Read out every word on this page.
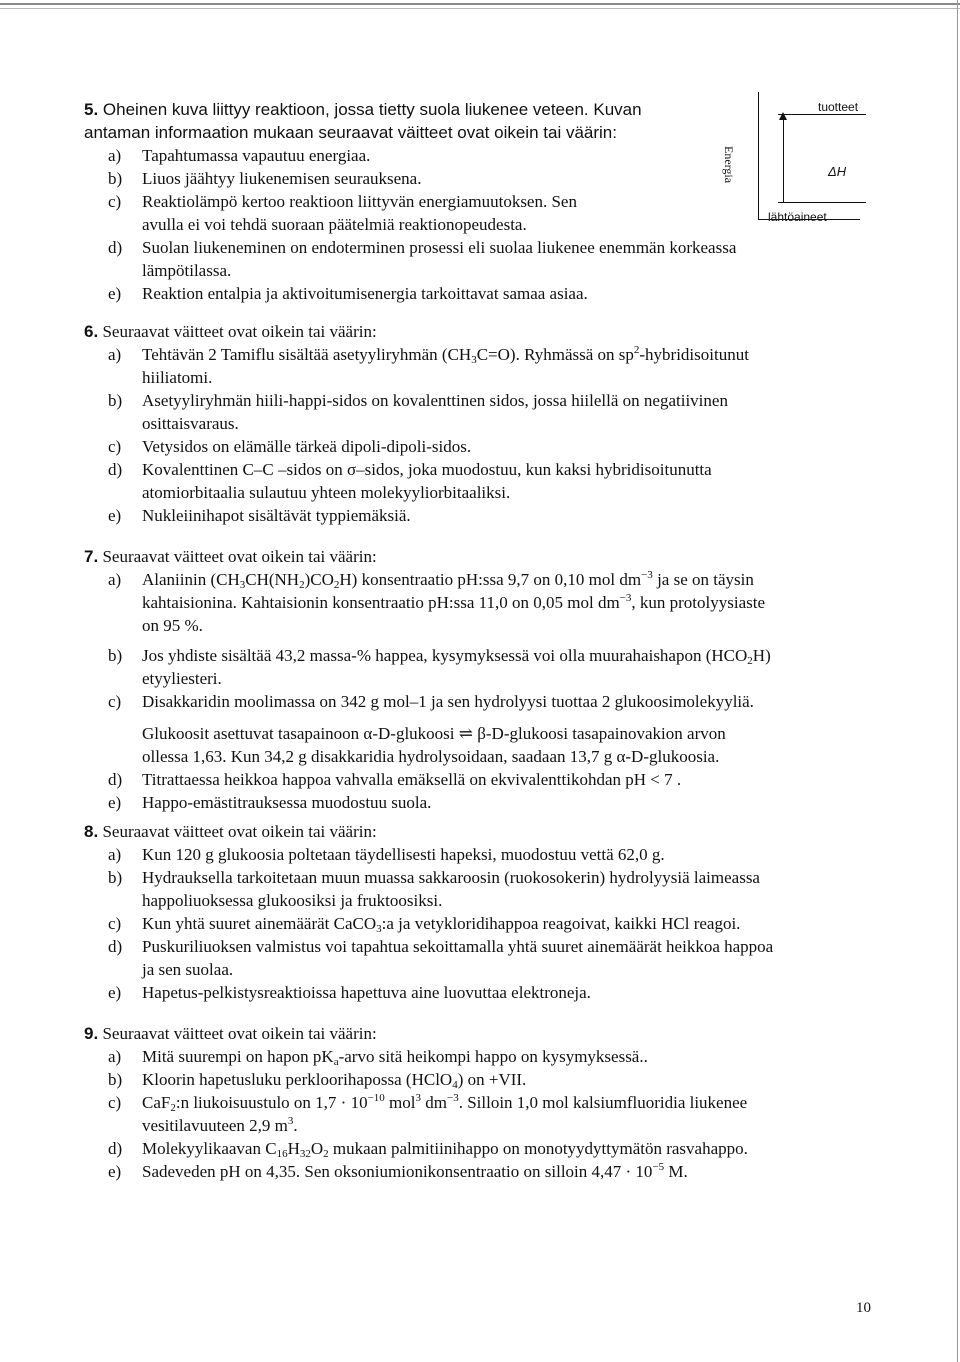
Energia
tuotteet
lähtöaineet
ΔH
5. Oheinen kuva liittyy reaktioon, jossa tietty suola liukenee veteen. Kuvan
antaman informaation mukaan seuraavat väitteet ovat oikein tai väärin:
a) Tapahtumassa vapautuu energiaa.
b) Liuos jäähtyy liukenemisen seurauksena.
c) Reaktiolämpö kertoo reaktioon liittyvän energiamuutoksen. Sen
avulla ei voi tehdä suoraan päätelmiä reaktionopeudesta.
d) Suolan liukeneminen on endoterminen prosessi eli suolaa liukenee enemmän korkeassa
lämpötilassa.
e) Reaktion entalpia ja aktivoitumisenergia tarkoittavat samaa asiaa.
6. Seuraavat väitteet ovat oikein tai väärin:
a) Tehtävän 2 Tamiflu sisältää asetyyliryhmän $(CH_3C=O)$. Ryhmässä on $sp^2$-hybridisoitunut
hiiliatomi.
b) Asetyyliryhmän hiili-happi-sidos on kovalenttinen sidos, jossa hiilellä on negatiivinen
osittaisvaraus.
c) Vetysidos on elämälle tärkeä dipoli-dipoli-sidos.
d) Kovalenttinen C–C –sidos on σ–sidos, joka muodostuu, kun kaksi hybridisoitunutta
atomiorbitaalia sulautuu yhteen molekyyliorbitaaliksi.
e) Nukleiinihapot sisältävät typpiemäksiä.
7. Seuraavat väitteet ovat oikein tai väärin:
a) Alaniinin $(CH_3CH(NH_2)CO_2H)$ konsentraatio pH:ssa 9,7 on 0,10 mol $dm^{-3}$ ja se on täysin
kahtaisionina. Kahtaisionin konsentraatio pH:ssa 11,0 on 0,05 mol $dm^{-3}$, kun protolyysiaste
on 95 %.
b) Jos yhdiste sisältää 43,2 massa-% happea, kysymyksessä voi olla muurahaishapon $(HCO_2H)$
etyyliesteri.
c) Disakkaridin moolimassa on 342 g mol–1 ja sen hydrolyysi tuottaa 2 glukoosimolekyyliä.
Glukoosit asettuvat tasapainoon α-D-glukoosi ⇌ β-D-glukoosi tasapainovakion arvon
ollessa 1,63. Kun 34,2 g disakkaridia hydrolysoidaan, saadaan 13,7 g α-D-glukoosia.
d) Titrattaessa heikkoa happoa vahvalla emäksellä on ekvivalenttikohdan pH < 7 .
e) Happo-emästitrauksessa muodostuu suola.
8. Seuraavat väitteet ovat oikein tai väärin:
a) Kun 120 g glukoosia poltetaan täydellisesti hapeksi, muodostuu vettä 62,0 g.
b) Hydrauksella tarkoitetaan muun muassa sakkaroosin (ruokosokerin) hydrolyysiä laimeassa
happoliuoksessa glukoosiksi ja fruktoosiksi.
c) Kun yhtä suuret ainemäärät CaCO$_3$:a ja vetykloridihappoa reagoivat, kaikki HCl reagoi.
d) Puskuriliuoksen valmistus voi tapahtua sekoittamalla yhtä suuret ainemäärät heikkoa happoa
ja sen suolaa.
e) Hapetus-pelkistysreaktioissa hapettuva aine luovuttaa elektroneja.
9. Seuraavat väitteet ovat oikein tai väärin:
a) Mitä suurempi on hapon $pK_a$-arvo sitä heikompi happo on kysymyksessä..
b) Kloorin hapetusluku perkloorihapossa (HClO$_4$) on +VII.
c) CaF$_2$:n liukoisuustulo on $1,7 \cdot 10^{-10}$ mol$^3$ $dm^{-3}$. Silloin 1,0 mol kalsiumfluoridia liukenee
vesitilavuuteen 2,9 $m^3$.
d) Molekyylikaavan $C_{16}H_{32}O_2$ mukaan palmitiinihappo on monotyydyttymätön rasvahappo.
e) Sadeveden pH on 4,35. Sen oksoniumionikonsentraatio on silloin $4,47 \cdot 10^{-5}$ M.
10
